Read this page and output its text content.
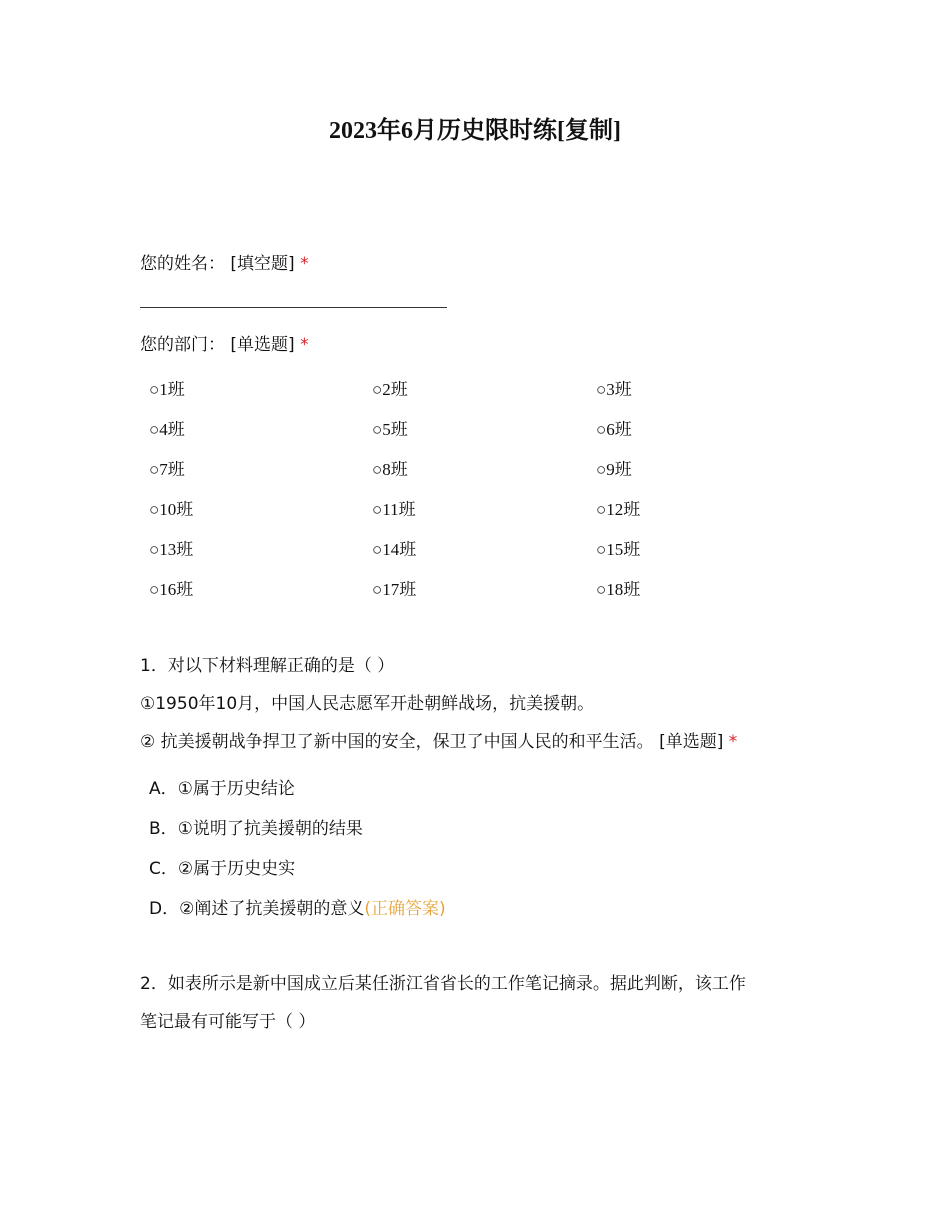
2023年6月历史限时练[复制]
您的姓名： [填空题] *
您的部门： [单选题] *
○1班	○2班	○3班
○4班	○5班	○6班
○7班	○8班	○9班
○10班	○11班	○12班
○13班	○14班	○15班
○16班	○17班	○18班
1．对以下材料理解正确的是（ ）
①1950年10月，中国人民志愿军开赴朝鲜战场，抗美援朝。
② 抗美援朝战争捍卫了新中国的安全，保卫了中国人民的和平生活。 [单选题] *
A．①属于历史结论
B．①说明了抗美援朝的结果
C．②属于历史史实
D．②阐述了抗美援朝的意义(正确答案)
2．如表所示是新中国成立后某任浙江省省长的工作笔记摘录。据此判断，该工作
笔记最有可能写于（ ）
